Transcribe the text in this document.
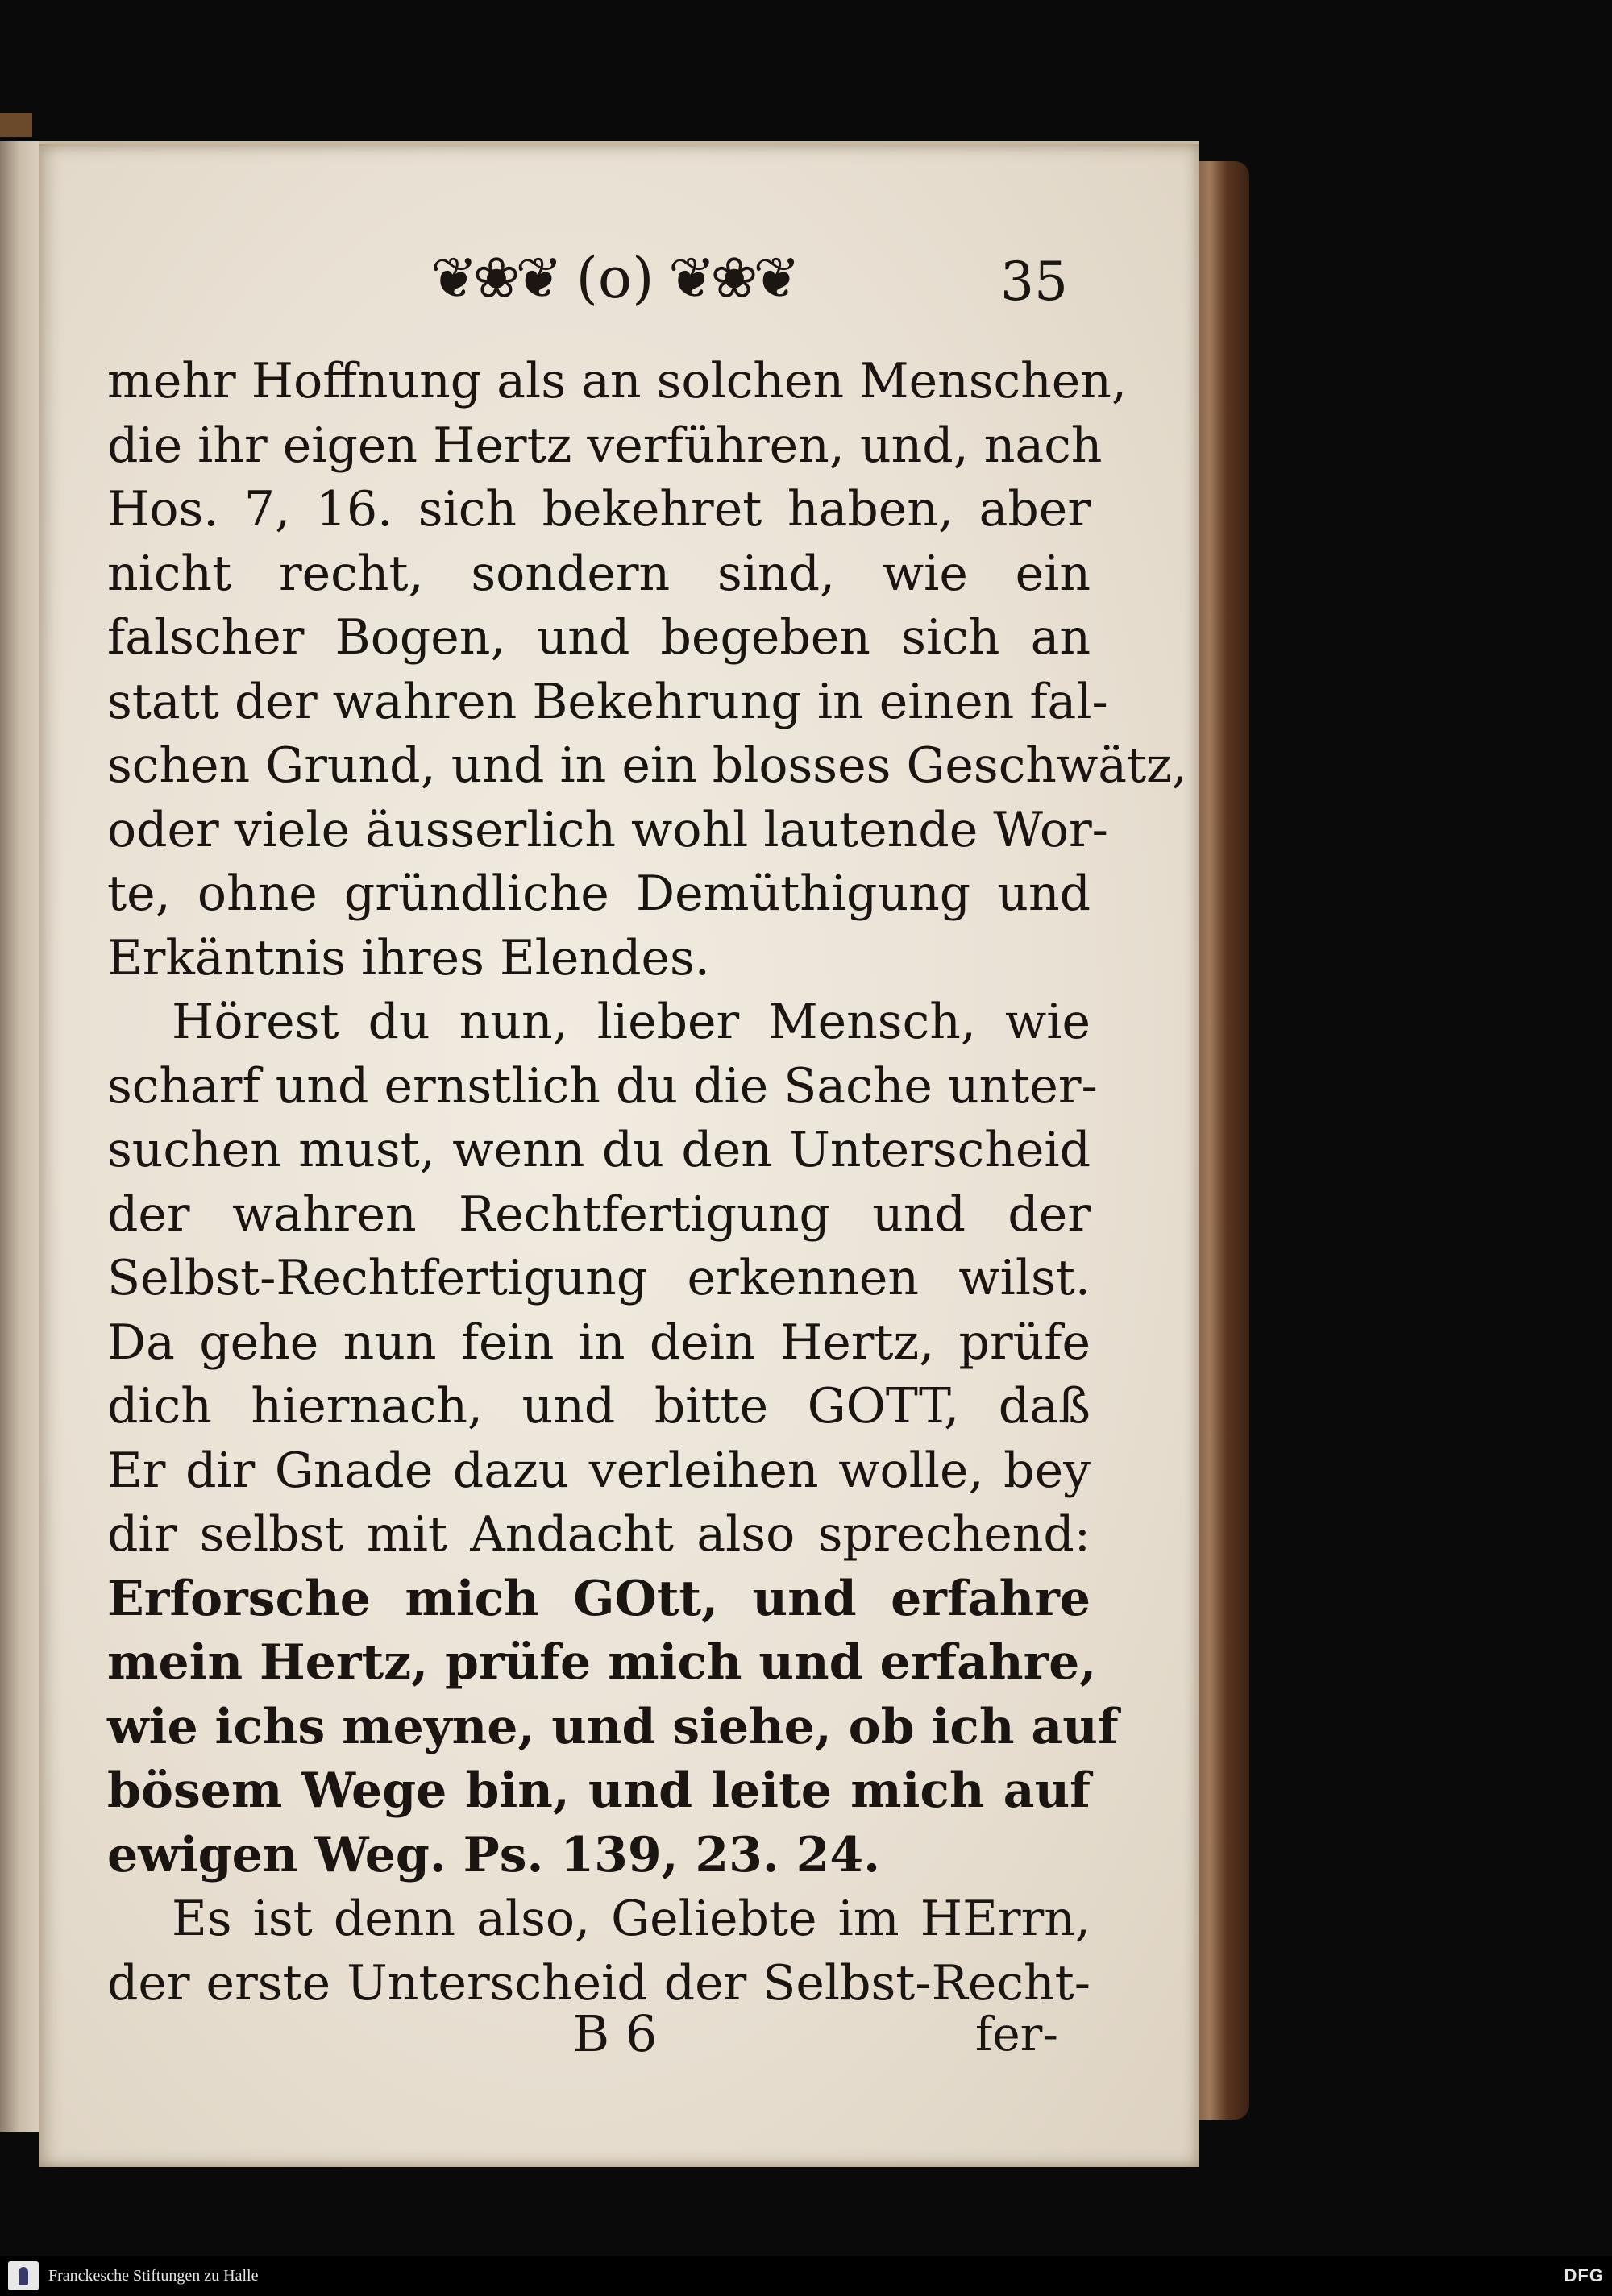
❦❀❦ (o) ❦❀❦	35
mehr Hoffnung als an solchen Menschen,
die ihr eigen Hertz verführen, und, nach
Hos. 7, 16. sich bekehret haben, aber
nicht recht, sondern sind, wie ein
falscher Bogen, und begeben sich an
statt der wahren Bekehrung in einen fal-
schen Grund, und in ein blosses Geschwätz,
oder viele äusserlich wohl lautende Wor-
te, ohne gründliche Demüthigung und
Erkäntnis ihres Elendes.
Hörest du nun, lieber Mensch, wie
scharf und ernstlich du die Sache unter-
suchen must, wenn du den Unterscheid
der wahren Rechtfertigung und der
Selbst-Rechtfertigung erkennen wilst.
Da gehe nun fein in dein Hertz, prüfe
dich hiernach, und bitte GOTT, daß
Er dir Gnade dazu verleihen wolle, bey
dir selbst mit Andacht also sprechend:
Erforsche mich GOtt, und erfahre
mein Hertz, prüfe mich und erfahre,
wie ichs meyne, und siehe, ob ich auf
bösem Wege bin, und leite mich auf
ewigen Weg. Ps. 139, 23. 24.
Es ist denn also, Geliebte im HErrn,
der erste Unterscheid der Selbst-Recht-
B 6	fer-
Franckesche Stiftungen zu Halle	DFG
